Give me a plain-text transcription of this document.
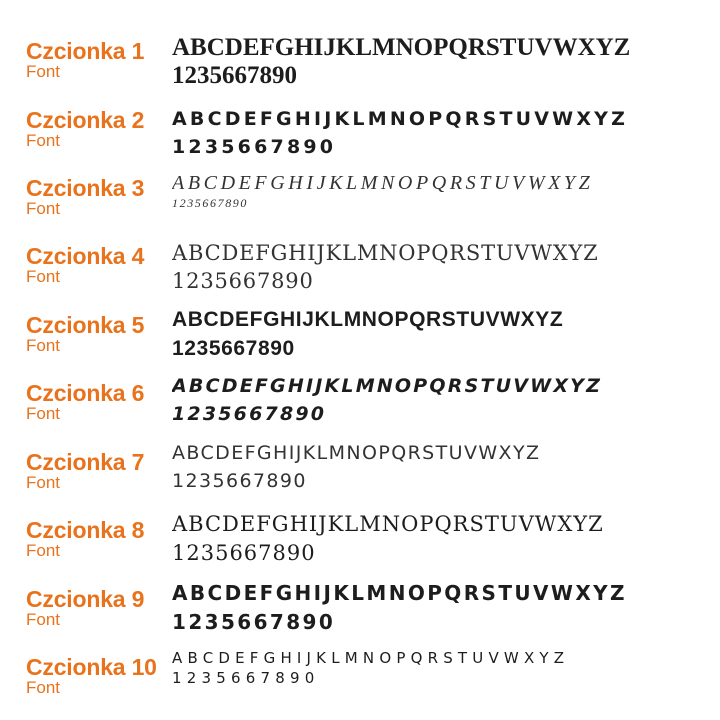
Czcionka 1
Font
ABCDEFGHIJKLMNOPQRSTUVWXYZ
1235667890
Czcionka 2
Font
ABCDEFGHIJKLMNOPQRSTUVWXYZ
1235667890
Czcionka 3
Font
ABCDEFGHIJKLMNOPQRSTUVWXYZ
1235667890
Czcionka 4
Font
ABCDEFGHIJKLMNOPQRSTUVWXYZ
1235667890
Czcionka 5
Font
ABCDEFGHIJKLMNOPQRSTUVWXYZ
1235667890
Czcionka 6
Font
ABCDEFGHIJKLMNOPQRSTUVWXYZ
1235667890
Czcionka 7
Font
ABCDEFGHIJKLMNOPQRSTUVWXYZ
1235667890
Czcionka 8
Font
ABCDEFGHIJKLMNOPQRSTUVWXYZ
1235667890
Czcionka 9
Font
ABCDEFGHIJKLMNOPQRSTUVWXYZ
1235667890
Czcionka 10
Font
ABCDEFGHIJKLMNOPQRSTUVWXYZ
1235667890
